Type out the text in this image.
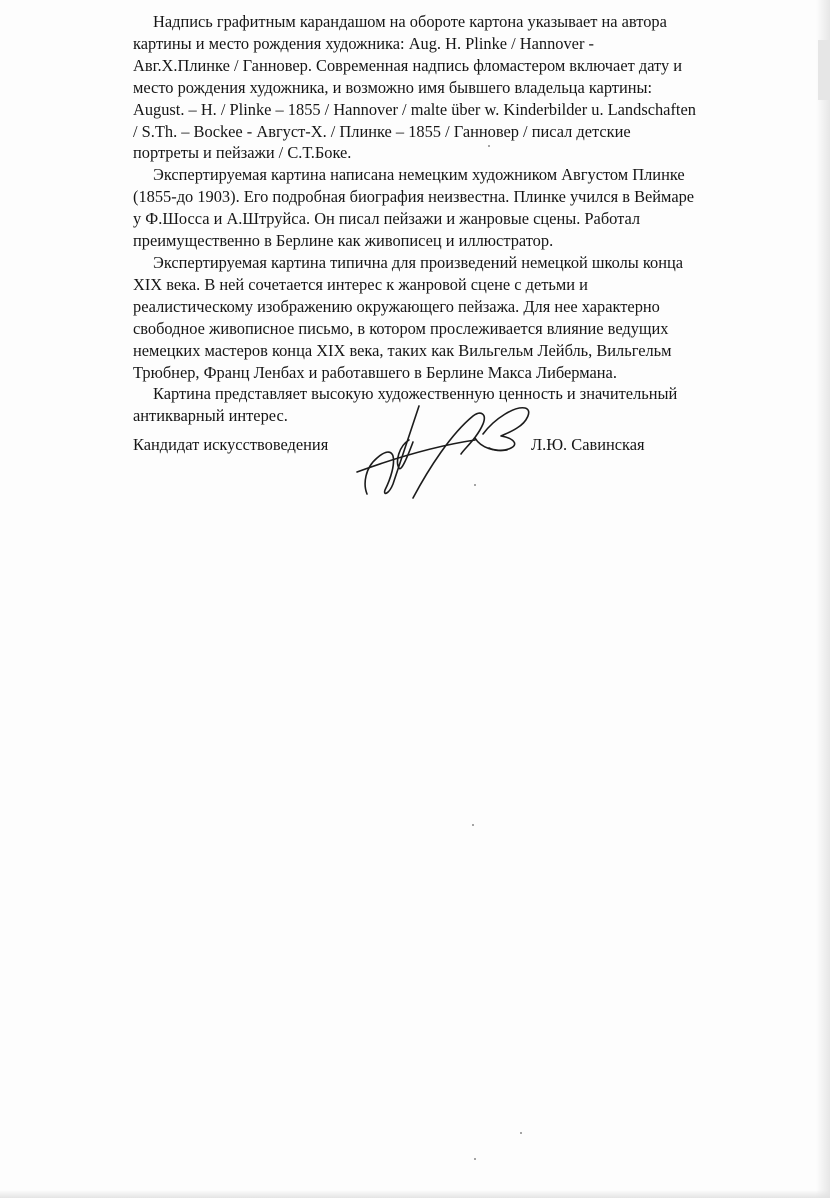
Надпись графитным карандашом на обороте картона указывает на автора
картины и место рождения художника: Aug. H. Plinke / Hannover -
Авг.Х.Плинке / Ганновер. Современная надпись фломастером включает дату и
место рождения художника, и возможно имя бывшего владельца картины:
August. – H. / Plinke – 1855 / Hannover / malte über w. Kinderbilder u. Landschaften
/ S.Th. – Bockee - Август-Х. / Плинке – 1855 / Ганновер / писал детские
портреты и пейзажи / С.Т.Боке.
Экспертируемая картина написана немецким художником Августом Плинке
(1855-до 1903). Его подробная биография неизвестна. Плинке учился в Веймаре
у Ф.Шосса и А.Штруйса. Он писал пейзажи и жанровые сцены. Работал
преимущественно в Берлине как живописец и иллюстратор.
Экспертируемая картина типична для произведений немецкой школы конца
XIX века. В ней сочетается интерес к жанровой сцене с детьми и
реалистическому изображению окружающего пейзажа. Для нее характерно
свободное живописное письмо, в котором прослеживается влияние ведущих
немецких мастеров конца XIX века, таких как Вильгельм Лейбль, Вильгельм
Трюбнер, Франц Ленбах и работавшего в Берлине Макса Либермана.
Картина представляет высокую художественную ценность и значительный
антикварный интерес.
Кандидат искусствоведения	Л.Ю. Савинская
